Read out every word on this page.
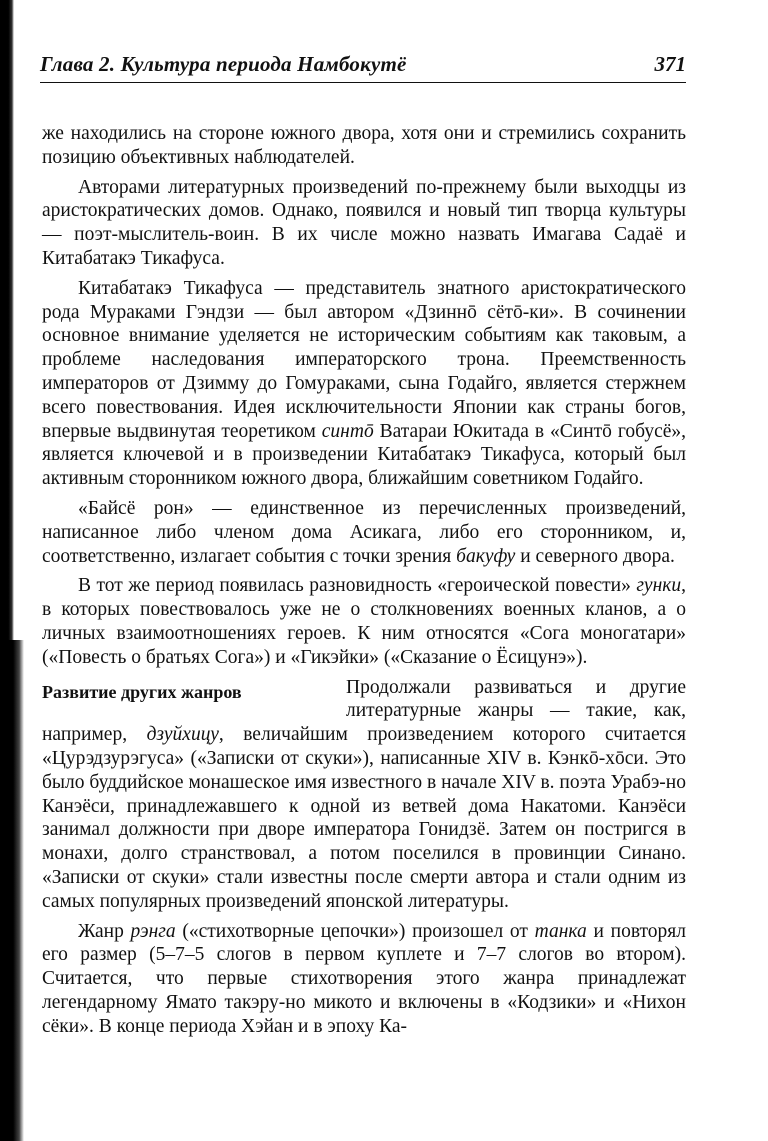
Глава 2. Культура периода Намбокутё	371

же находились на стороне южного двора, хотя они и стремились сохранить позицию объективных наблюдателей.

Авторами литературных произведений по-прежнему были выходцы из аристократических домов. Однако, появился и новый тип творца культуры — поэт-мыслитель-воин. В их числе можно назвать Имагава Садаё и Китабатакэ Тикафуса.

Китабатакэ Тикафуса — представитель знатного аристократического рода Мураками Гэндзи — был автором «Дзиннō сётō-ки». В сочинении основное внимание уделяется не историческим событиям как таковым, а проблеме наследования императорского трона. Преемственность императоров от Дзимму до Гомураками, сына Годайго, является стержнем всего повествования. Идея исключительности Японии как страны богов, впервые выдвинутая теоретиком синтō Ватараи Юкитада в «Синтō гобусё», является ключевой и в произведении Китабатакэ Тикафуса, который был активным сторонником южного двора, ближайшим советником Годайго.

«Байсё рон» — единственное из перечисленных произведений, написанное либо членом дома Асикага, либо его сторонником, и, соответственно, излагает события с точки зрения бакуфу и северного двора.

В тот же период появилась разновидность «героической повести» гунки, в которых повествовалось уже не о столкновениях военных кланов, а о личных взаимоотношениях героев. К ним относятся «Сога моногатари» («Повесть о братьях Сога») и «Гикэйки» («Сказание о Ёсицунэ»).

Развитие других жанров	Продолжали развиваться и другие литературные жанры — такие, как, например, дзуйхицу, величайшим произведением которого считается «Цурэдзурэгуса» («Записки от скуки»), написанные XIV в. Кэнкō-хōси. Это было буддийское монашеское имя известного в начале XIV в. поэта Урабэ-но Канэёси, принадлежавшего к одной из ветвей дома Накатоми. Канэёси занимал должности при дворе императора Гонидзё. Затем он постригся в монахи, долго странствовал, а потом поселился в провинции Синано. «Записки от скуки» стали известны после смерти автора и стали одним из самых популярных произведений японской литературы.

Жанр рэнга («стихотворные цепочки») произошел от танка и повторял его размер (5–7–5 слогов в первом куплете и 7–7 слогов во втором). Считается, что первые стихотворения этого жанра принадлежат легендарному Ямато такэру-но микото и включены в «Кодзики» и «Нихон сёки». В конце периода Хэйан и в эпоху Ка-
